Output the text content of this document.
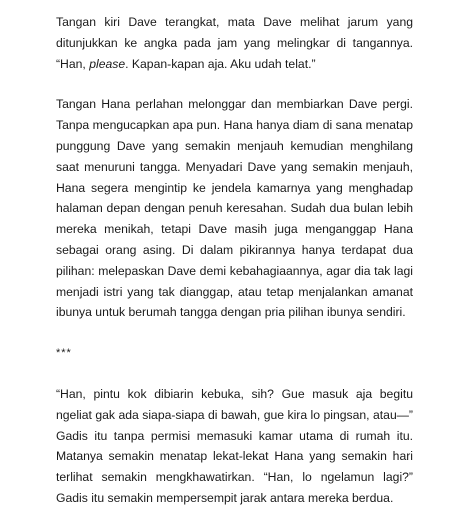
Tangan kiri Dave terangkat, mata Dave melihat jarum yang ditunjukkan ke angka pada jam yang melingkar di tangannya. “Han, please. Kapan-kapan aja. Aku udah telat.”

Tangan Hana perlahan melonggar dan membiarkan Dave pergi. Tanpa mengucapkan apa pun. Hana hanya diam di sana menatap punggung Dave yang semakin menjauh kemudian menghilang saat menuruni tangga. Menyadari Dave yang semakin menjauh, Hana segera mengintip ke jendela kamarnya yang menghadap halaman depan dengan penuh keresahan. Sudah dua bulan lebih mereka menikah, tetapi Dave masih juga menganggap Hana sebagai orang asing. Di dalam pikirannya hanya terdapat dua pilihan: melepaskan Dave demi kebahagiaannya, agar dia tak lagi menjadi istri yang tak dianggap, atau tetap menjalankan amanat ibunya untuk berumah tangga dengan pria pilihan ibunya sendiri.

***

“Han, pintu kok dibiarin kebuka, sih? Gue masuk aja begitu ngeliat gak ada siapa-siapa di bawah, gue kira lo pingsan, atau—” Gadis itu tanpa permisi memasuki kamar utama di rumah itu. Matanya semakin menatap lekat-lekat Hana yang semakin hari terlihat semakin mengkhawatirkan. “Han, lo ngelamun lagi?” Gadis itu semakin mempersempit jarak antara mereka berdua.
